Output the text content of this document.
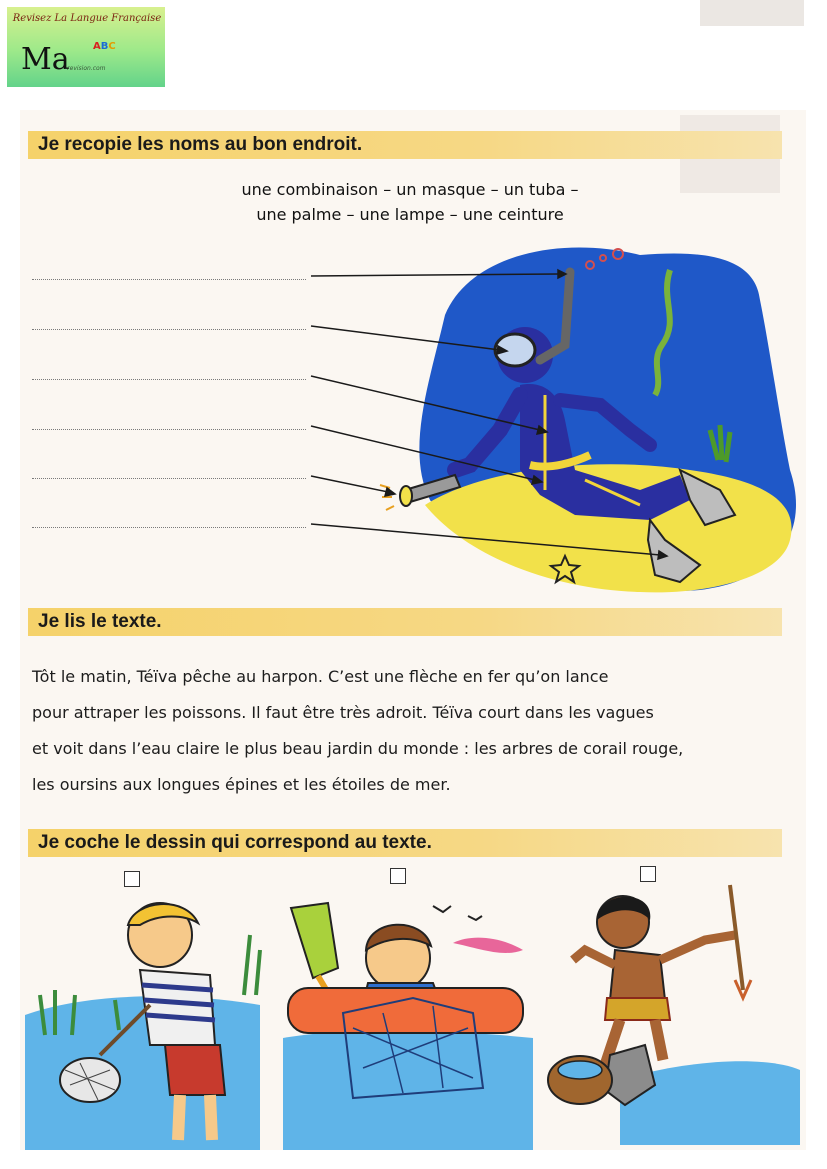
Revisez La Langue Française
Ma ABC
-revision.com
Je recopie les noms au bon endroit.
une combinaison – un masque – un tuba –
une palme – une lampe – une ceinture
Je lis le texte.
Tôt le matin, Téïva pêche au harpon. C’est une flèche en fer qu’on lance
pour attraper les poissons. Il faut être très adroit. Téïva court dans les vagues
et voit dans l’eau claire le plus beau jardin du monde : les arbres de corail rouge,
les oursins aux longues épines et les étoiles de mer.
Je coche le dessin qui correspond au texte.
